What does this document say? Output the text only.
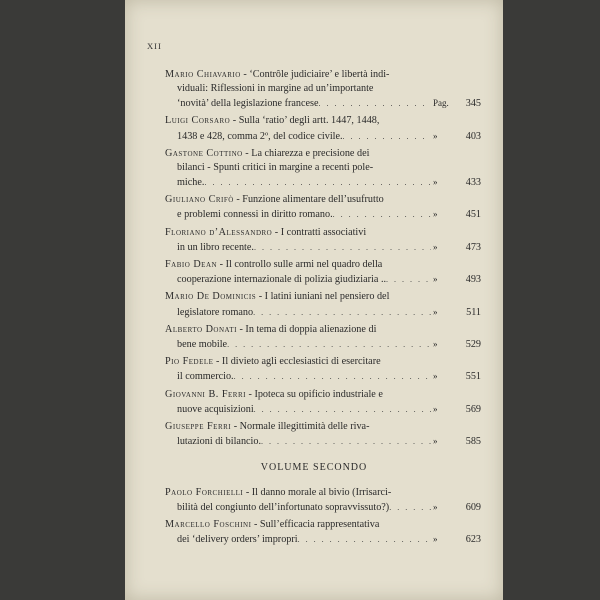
XII
Mario Chiavario - ‘Contrôle judiciaire’ e libertà indi-
viduali: Riflessioni in margine ad un’importante
‘novità’ della legislazione francese . . .	Pag.	345
Luigi Corsaro - Sulla ‘ratio’ degli artt. 1447, 1448,
1438 e 428, comma 2º, del codice civile. . . .	»	403
Gastone Cottino - La chiarezza e precisione dei
bilanci - Spunti critici in margine a recenti pole-
miche. . . .	»	433
Giuliano Crifò - Funzione alimentare dell’usufrutto
e problemi connessi in diritto romano. . . .	»	451
Floriano d’Alessandro - I contratti associativi
in un libro recente. . . .	»	473
Fabio Dean - Il controllo sulle armi nel quadro della
cooperazione internazionale di polizia giudiziaria .. . . .	»	493
Mario De Dominicis - I latini iuniani nel pensiero del
legislatore romano . . .	»	511
Alberto Donati - In tema di doppia alienazione di
bene mobile . . .	»	529
Pio Fedele - Il divieto agli ecclesiastici di esercitare
il commercio. . . .	»	551
Giovanni B. Ferri - Ipoteca su opificio industriale e
nuove acquisizioni . . .	»	569
Giuseppe Ferri - Normale illegittimità delle riva-
lutazioni di bilancio. . . .	»	585
VOLUME SECONDO
Paolo Forchielli - Il danno morale al bivio (Irrisarci-
bilità del congiunto dell’infortunato sopravvissuto?) . . .	»	609
Marcello Foschini - Sull’efficacia rappresentativa
dei ‘delivery orders’ impropri . . .	»	623
